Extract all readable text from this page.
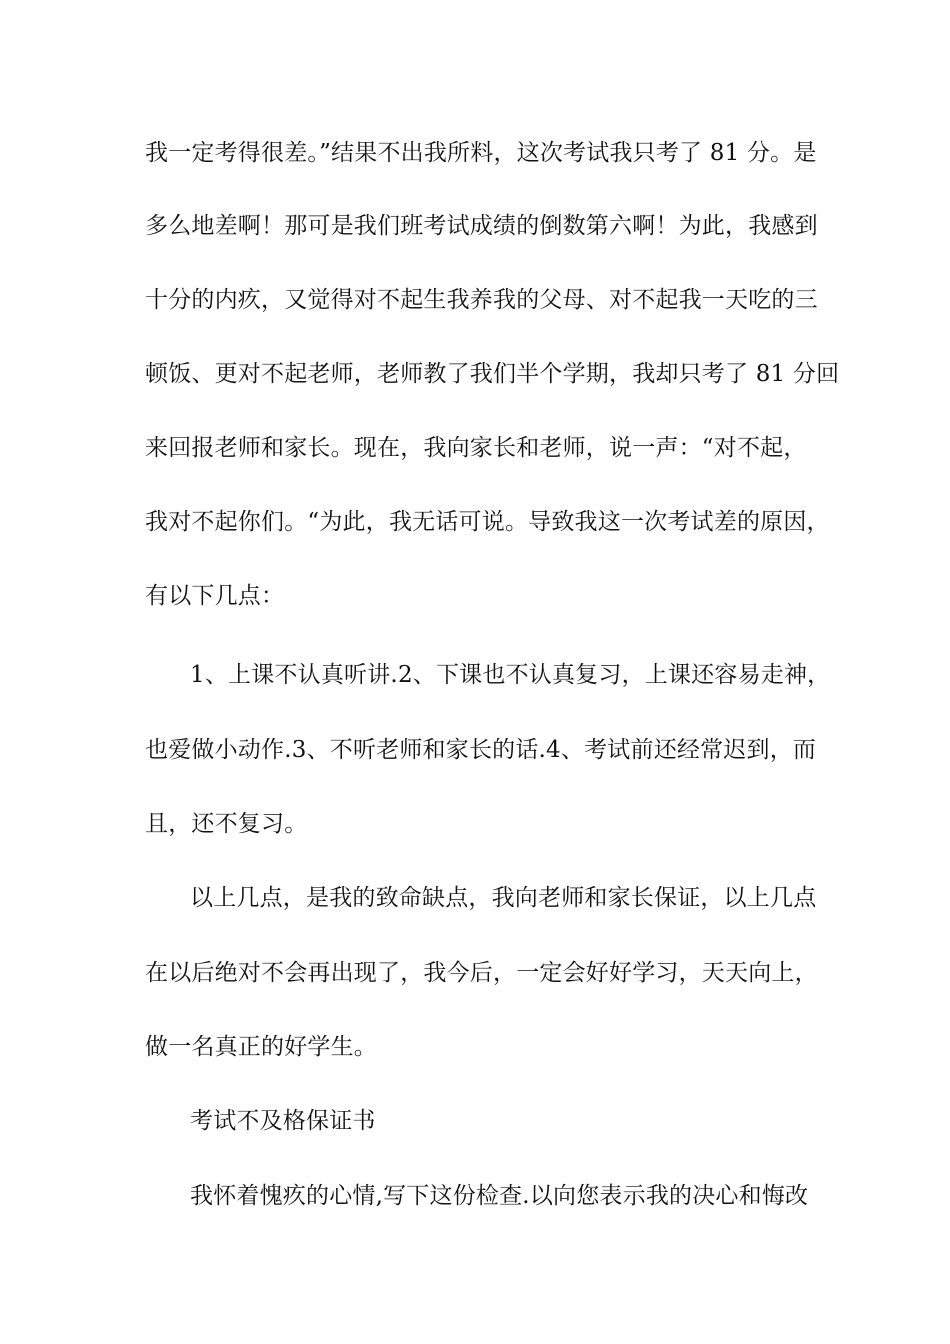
我一定考得很差。”结果不出我所料，这次考试我只考了 81 分。是
多么地差啊！那可是我们班考试成绩的倒数第六啊！为此，我感到
十分的内疚，又觉得对不起生我养我的父母、对不起我一天吃的三
顿饭、更对不起老师，老师教了我们半个学期，我却只考了 81 分回
来回报老师和家长。现在，我向家长和老师，说一声：“对不起，
我对不起你们。“为此，我无话可说。导致我这一次考试差的原因，
有以下几点：
1、上课不认真听讲.2、下课也不认真复习，上课还容易走神，
也爱做小动作.3、不听老师和家长的话.4、考试前还经常迟到，而
且，还不复习。
以上几点，是我的致命缺点，我向老师和家长保证，以上几点
在以后绝对不会再出现了，我今后，一定会好好学习，天天向上，
做一名真正的好学生。
考试不及格保证书
我怀着愧疚的心情,写下这份检查.以向您表示我的决心和悔改
